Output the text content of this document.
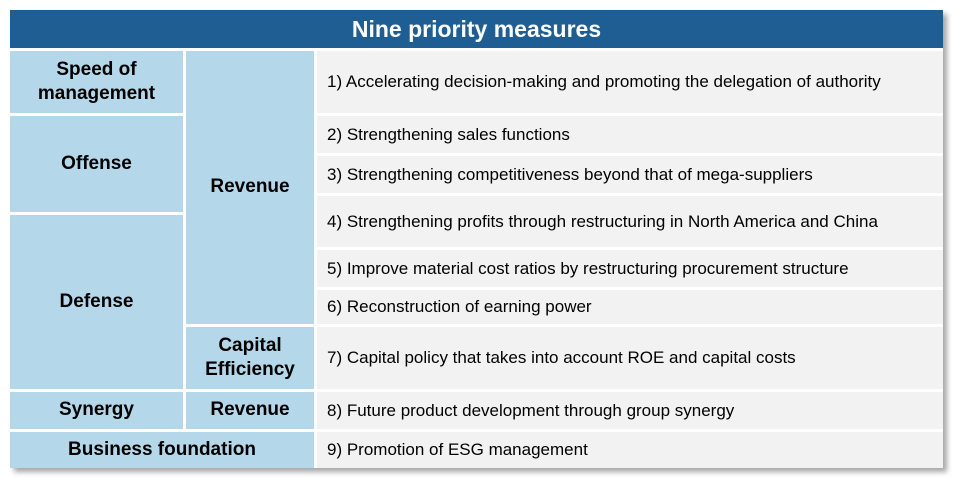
Nine priority measures
Speed of
management
Offense
Defense
Synergy
Business foundation
Revenue
Capital
Efficiency
Revenue
1) Accelerating decision-making and promoting the delegation of authority
2) Strengthening sales functions
3) Strengthening competitiveness beyond that of mega-suppliers
4) Strengthening profits through restructuring in North America and China
5) Improve material cost ratios by restructuring procurement structure
6) Reconstruction of earning power
7) Capital policy that takes into account ROE and capital costs
8) Future product development through group synergy
9) Promotion of ESG management
